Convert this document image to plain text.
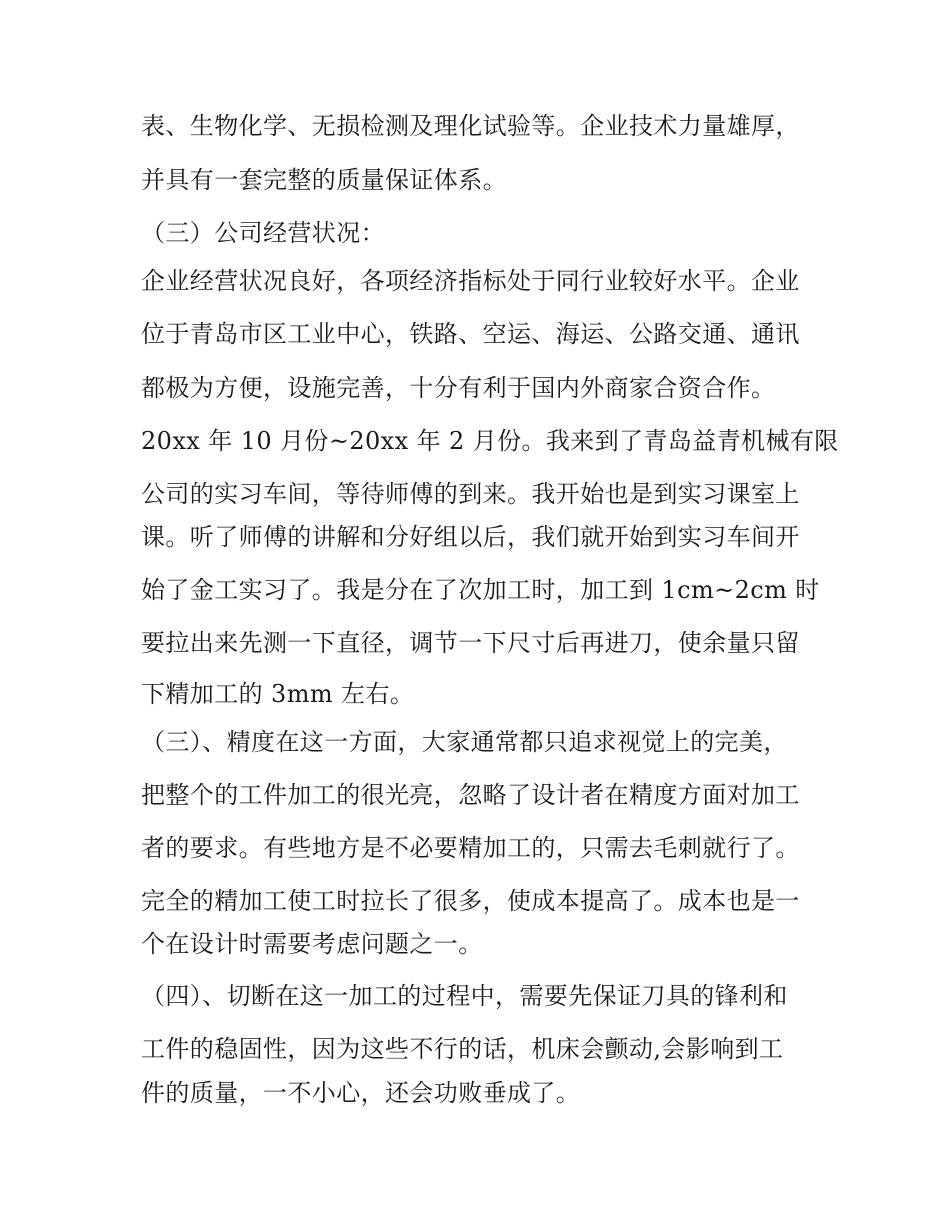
表、生物化学、无损检测及理化试验等。企业技术力量雄厚，
并具有一套完整的质量保证体系。
（三）公司经营状况：
企业经营状况良好，各项经济指标处于同行业较好水平。企业
位于青岛市区工业中心，铁路、空运、海运、公路交通、通讯
都极为方便，设施完善，十分有利于国内外商家合资合作。
20xx 年 10 月份~20xx 年 2 月份。我来到了青岛益青机械有限
公司的实习车间，等待师傅的到来。我开始也是到实习课室上
课。听了师傅的讲解和分好组以后，我们就开始到实习车间开
始了金工实习了。我是分在了次加工时，加工到 1cm~2cm 时
要拉出来先测一下直径，调节一下尺寸后再进刀，使余量只留
下精加工的 3mm 左右。
（三）、精度在这一方面，大家通常都只追求视觉上的完美，
把整个的工件加工的很光亮，忽略了设计者在精度方面对加工
者的要求。有些地方是不必要精加工的，只需去毛刺就行了。
完全的精加工使工时拉长了很多，使成本提高了。成本也是一
个在设计时需要考虑问题之一。
（四）、切断在这一加工的过程中，需要先保证刀具的锋利和
工件的稳固性，因为这些不行的话，机床会颤动,会影响到工
件的质量，一不小心，还会功败垂成了。
